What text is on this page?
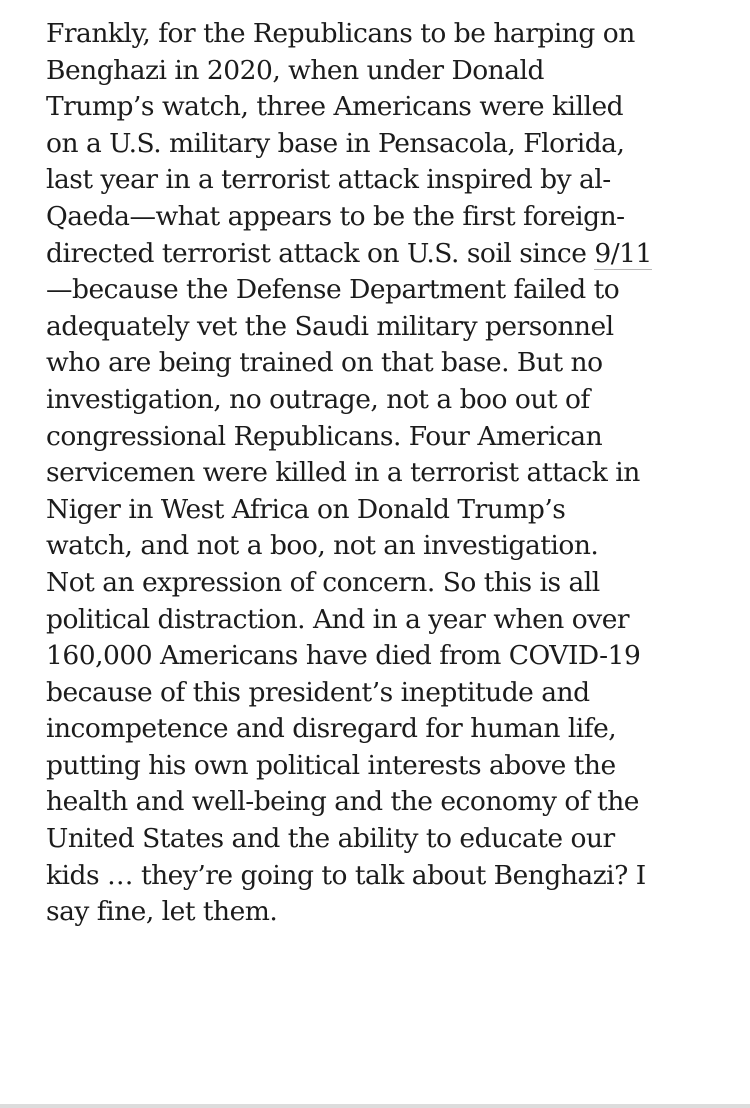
Frankly, for the Republicans to be harping on
Benghazi in 2020, when under Donald
Trump’s watch, three Americans were killed
on a U.S. military base in Pensacola, Florida,
last year in a terrorist attack inspired by al-
Qaeda—what appears to be the first foreign-
directed terrorist attack on U.S. soil since 9/11
—because the Defense Department failed to
adequately vet the Saudi military personnel
who are being trained on that base. But no
investigation, no outrage, not a boo out of
congressional Republicans. Four American
servicemen were killed in a terrorist attack in
Niger in West Africa on Donald Trump’s
watch, and not a boo, not an investigation.
Not an expression of concern. So this is all
political distraction. And in a year when over
160,000 Americans have died from COVID-19
because of this president’s ineptitude and
incompetence and disregard for human life,
putting his own political interests above the
health and well-being and the economy of the
United States and the ability to educate our
kids … they’re going to talk about Benghazi? I
say fine, let them.
